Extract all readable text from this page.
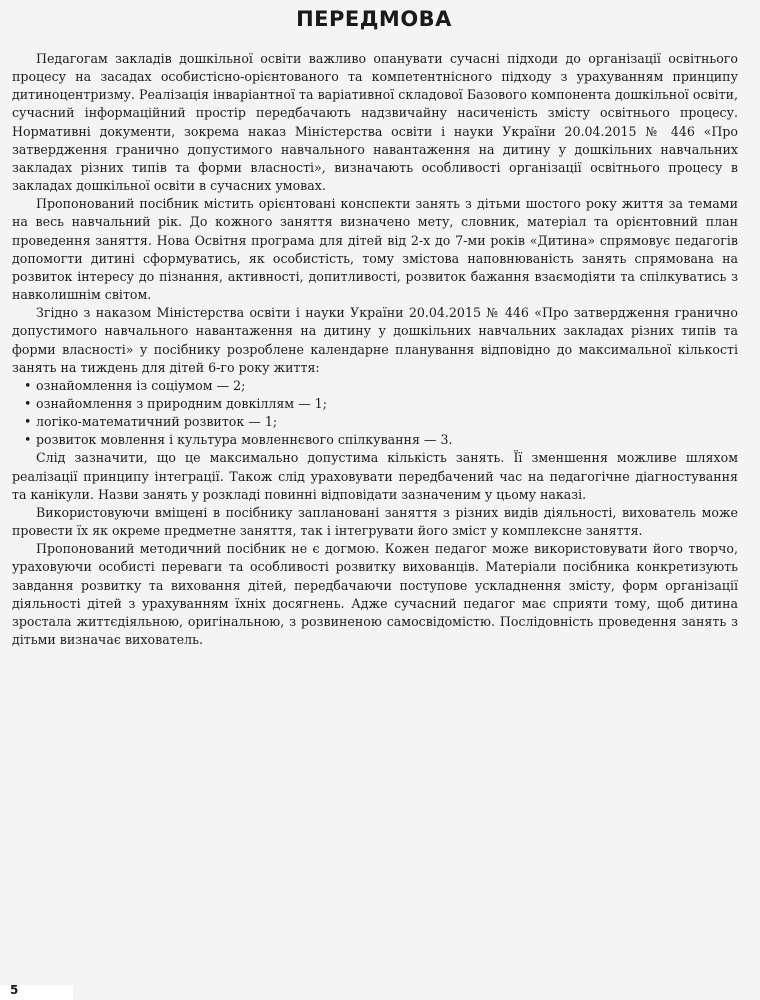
ПЕРЕДМОВА

Педагогам закладів дошкільної освіти важливо опанувати сучасні підходи до організації освітнього процесу на засадах особистісно-орієнтованого та компетентнісного підходу з урахуванням принципу дитиноцентризму. Реалізація інваріантної та варіативної складової Базового компонента дошкільної освіти, сучасний інформаційний простір передбачають надзвичайну насиченість змісту освітнього процесу. Нормативні документи, зокрема наказ Міністерства освіти і науки України 20.04.2015 № 446 «Про затвердження гранично допустимого навчального навантаження на дитину у дошкільних навчальних закладах різних типів та форми власності», визначають особливості організації освітнього процесу в закладах дошкільної освіти в сучасних умовах.

Пропонований посібник містить орієнтовані конспекти занять з дітьми шостого року життя за темами на весь навчальний рік. До кожного заняття визначено мету, словник, матеріал та орієнтовний план проведення заняття. Нова Освітня програма для дітей від 2-х до 7-ми років «Дитина» спрямовує педагогів допомогти дитині сформуватись, як особистість, тому змістова наповнюваність занять спрямована на розвиток інтересу до пізнання, активності, допитливості, розвиток бажання взаємодіяти та спілкуватись з навколишнім світом.

Згідно з наказом Міністерства освіти і науки України 20.04.2015 № 446 «Про затвердження гранично допустимого навчального навантаження на дитину у дошкільних навчальних закладах різних типів та форми власності» у посібнику розроблене календарне планування відповідно до максимальної кількості занять на тиждень для дітей 6-го року життя:

• ознайомлення із соціумом — 2;
• ознайомлення з природним довкіллям — 1;
• логіко-математичний розвиток — 1;
• розвиток мовлення і культура мовленнєвого спілкування — 3.

Слід зазначити, що це максимально допустима кількість занять. Її зменшення можливе шляхом реалізації принципу інтеграції. Також слід ураховувати передбачений час на педагогічне діагностування та канікули. Назви занять у розкладі повинні відповідати зазначеним у цьому наказі.

Використовуючи вміщені в посібнику заплановані заняття з різних видів діяльності, вихователь може провести їх як окреме предметне заняття, так і інтегрувати його зміст у комплексне заняття.

Пропонований методичний посібник не є догмою. Кожен педагог може використовувати його творчо, ураховуючи особисті переваги та особливості розвитку вихованців. Матеріали посібника конкретизують завдання розвитку та виховання дітей, передбачаючи поступове ускладнення змісту, форм організації діяльності дітей з урахуванням їхніх досягнень. Адже сучасний педагог має сприяти тому, щоб дитина зростала життєдіяльною, оригінальною, з розвиненою самосвідомістю. Послідовність проведення занять з дітьми визначає вихователь.

5
